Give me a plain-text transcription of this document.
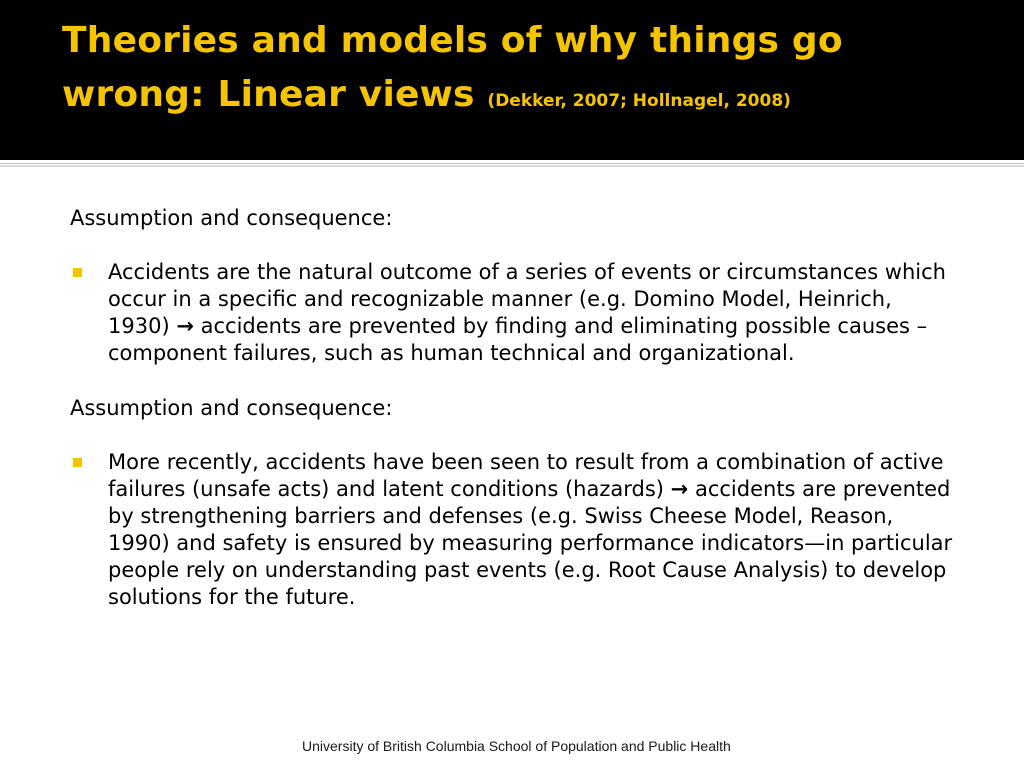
Theories and models of why things go wrong: Linear views (Dekker, 2007; Hollnagel, 2008)
Assumption and consequence:
Accidents are the natural outcome of a series of events or circumstances which occur in a specific and recognizable manner (e.g. Domino Model, Heinrich, 1930) → accidents are prevented by finding and eliminating possible causes – component failures, such as human technical and organizational.
Assumption and consequence:
More recently, accidents have been seen to result from a combination of active failures (unsafe acts) and latent conditions (hazards) → accidents are prevented by strengthening barriers and defenses (e.g. Swiss Cheese Model, Reason, 1990) and safety is ensured by measuring performance indicators—in particular people rely on understanding past events (e.g. Root Cause Analysis) to develop solutions for the future.
University of British Columbia School of Population and Public Health
